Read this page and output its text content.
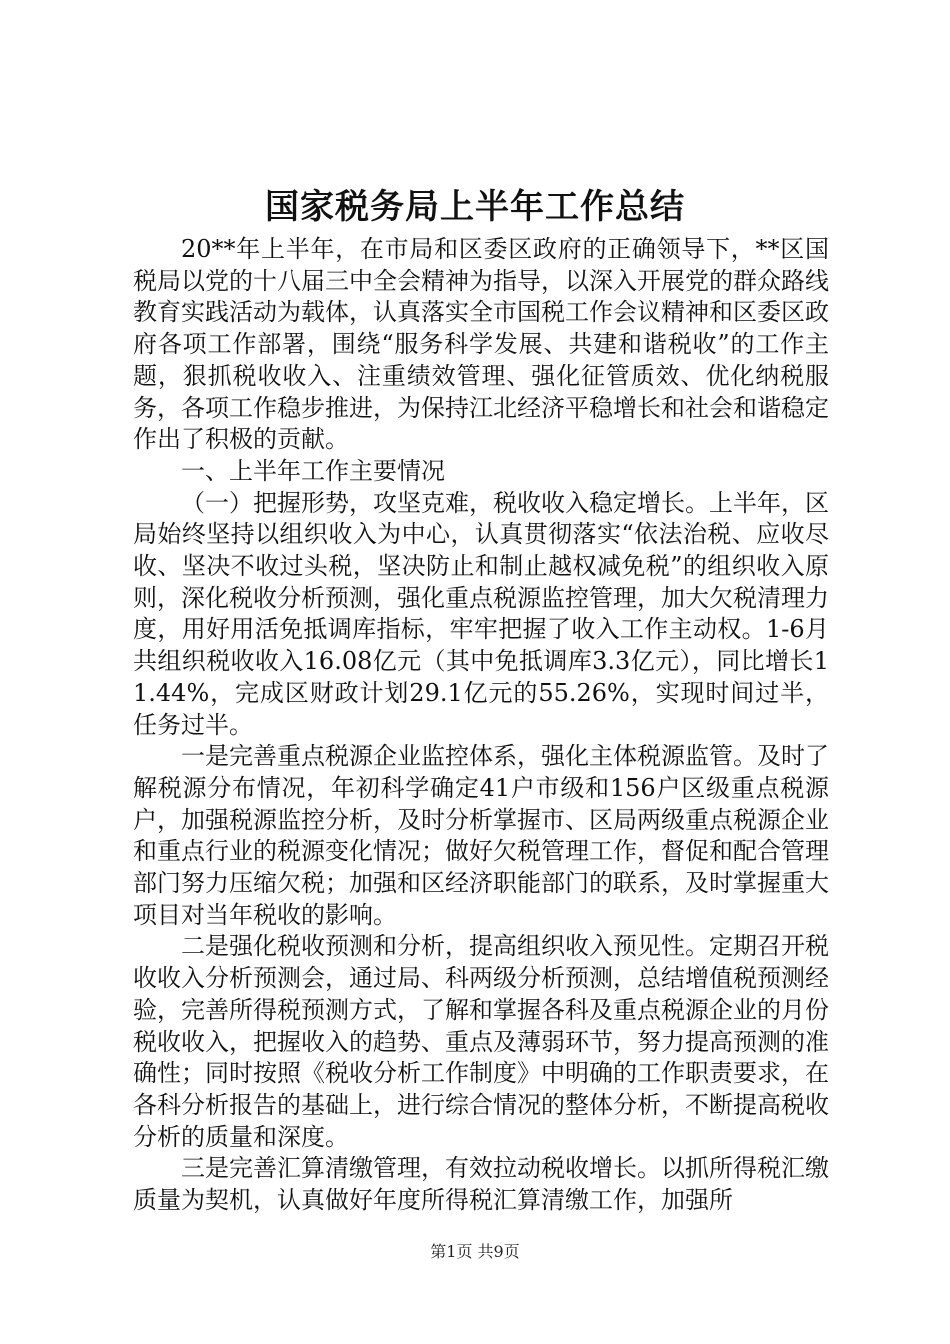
国家税务局上半年工作总结

20**年上半年，在市局和区委区政府的正确领导下，**区国税局以党的十八届三中全会精神为指导，以深入开展党的群众路线教育实践活动为载体，认真落实全市国税工作会议精神和区委区政府各项工作部署，围绕“服务科学发展、共建和谐税收”的工作主题，狠抓税收收入、注重绩效管理、强化征管质效、优化纳税服务，各项工作稳步推进，为保持江北经济平稳增长和社会和谐稳定作出了积极的贡献。

一、上半年工作主要情况

（一）把握形势，攻坚克难，税收收入稳定增长。上半年，区局始终坚持以组织收入为中心，认真贯彻落实“依法治税、应收尽收、坚决不收过头税，坚决防止和制止越权减免税”的组织收入原则，深化税收分析预测，强化重点税源监控管理，加大欠税清理力度，用好用活免抵调库指标，牢牢把握了收入工作主动权。1-6月共组织税收收入16.08亿元（其中免抵调库3.3亿元），同比增长11.44%，完成区财政计划29.1亿元的55.26%，实现时间过半，任务过半。

一是完善重点税源企业监控体系，强化主体税源监管。及时了解税源分布情况，年初科学确定41户市级和156户区级重点税源户，加强税源监控分析，及时分析掌握市、区局两级重点税源企业和重点行业的税源变化情况；做好欠税管理工作，督促和配合管理部门努力压缩欠税；加强和区经济职能部门的联系，及时掌握重大项目对当年税收的影响。

二是强化税收预测和分析，提高组织收入预见性。定期召开税收收入分析预测会，通过局、科两级分析预测，总结增值税预测经验，完善所得税预测方式，了解和掌握各科及重点税源企业的月份税收收入，把握收入的趋势、重点及薄弱环节，努力提高预测的准确性；同时按照《税收分析工作制度》中明确的工作职责要求，在各科分析报告的基础上，进行综合情况的整体分析，不断提高税收分析的质量和深度。

三是完善汇算清缴管理，有效拉动税收增长。以抓所得税汇缴质量为契机，认真做好年度所得税汇算清缴工作，加强所

第1页 共9页
